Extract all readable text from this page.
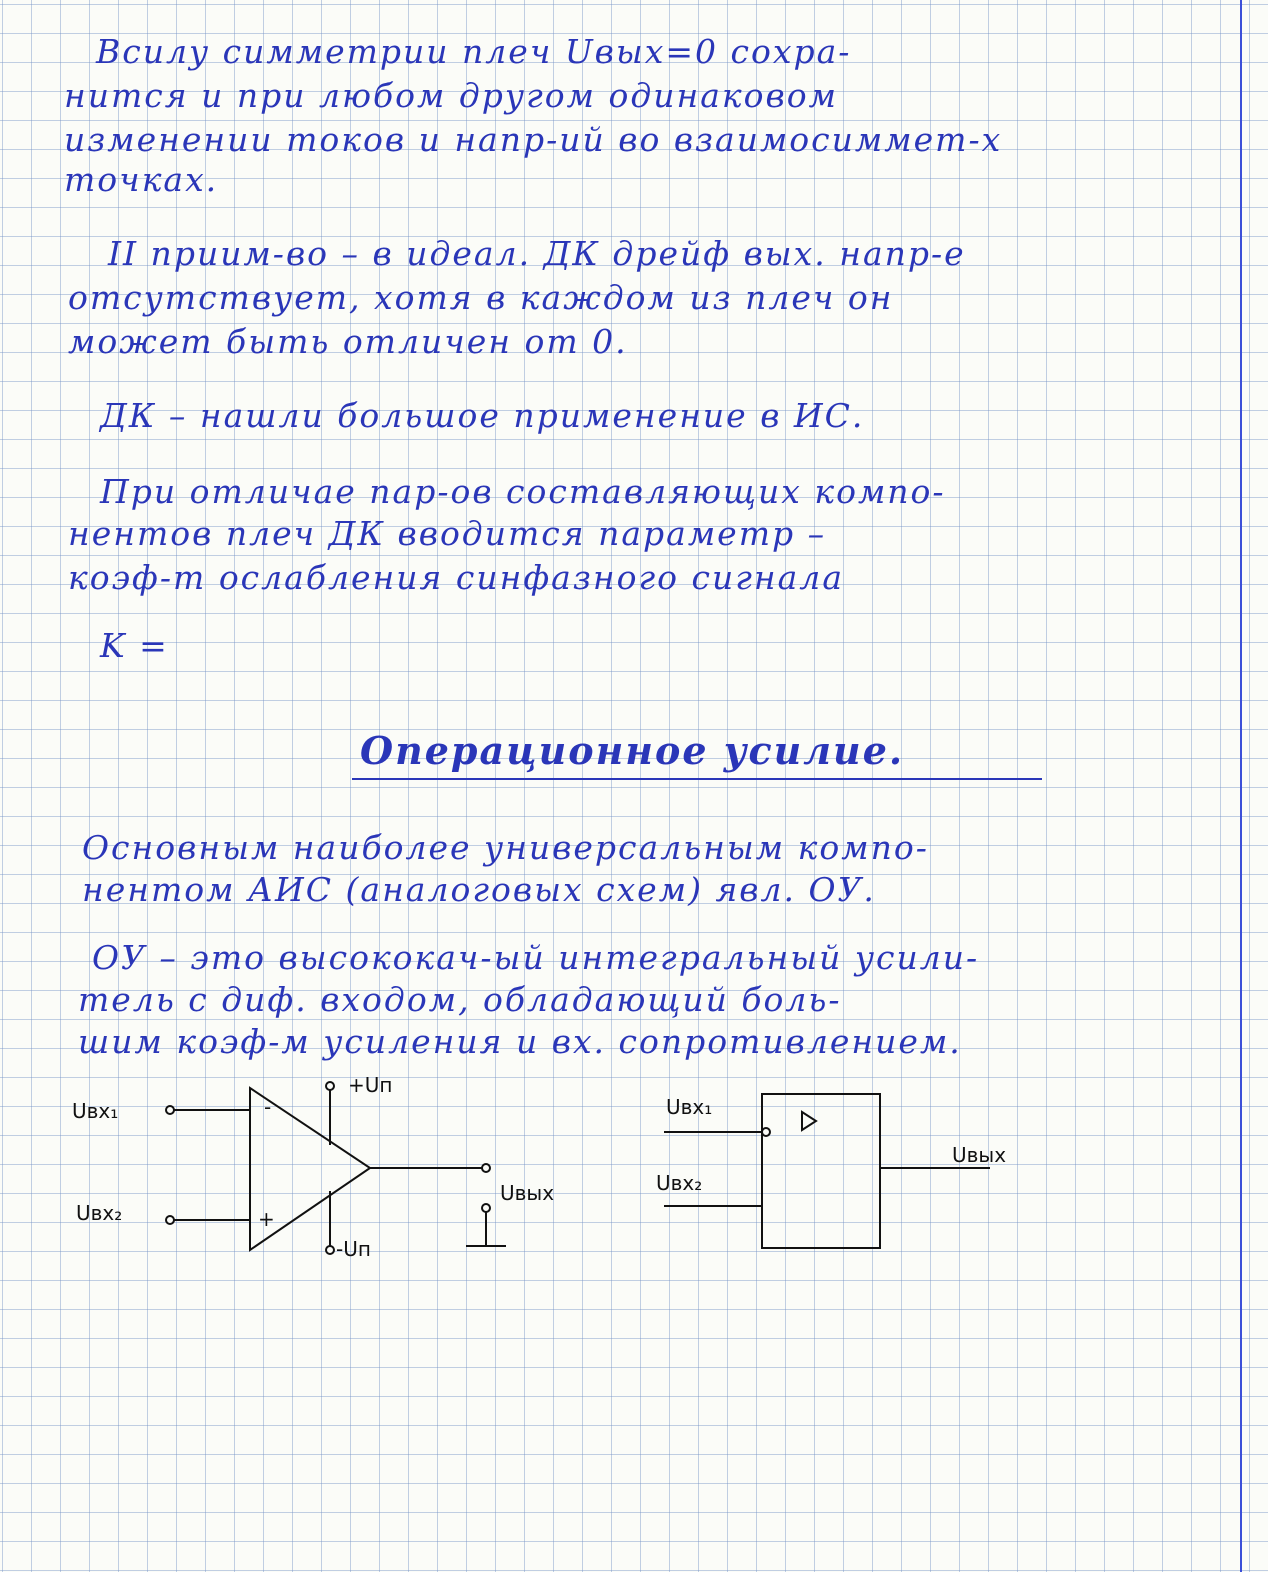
Всилу симметрии плеч Uвых=0 сохра-

нится и при любом другом одинаковом

изменении токов и напр-ий во взаимосиммет-х

точках.

II приим-во – в идеал. ДК дрейф вых. напр-е

отсутствует, хотя в каждом из плеч он

может быть отличен от 0.

ДК – нашли большое применение в ИС.

При отличае пар-ов составляющих компо-

нентов плеч ДК вводится параметр –

коэф-т ослабления синфазного сигнала

K =

Операционное усилие.

Основным наиболее универсальным компо-

нентом АИС (аналоговых схем) явл. ОУ.

ОУ – это высококач-ый интегральный усили-

тель с диф. входом, обладающий боль-

шим коэф-м усиления и вх. сопротивлением.

Uвх₁
Uвх₂
+Uп
-Uп
Uвых
-
+
Uвх₁
Uвх₂
Uвых
